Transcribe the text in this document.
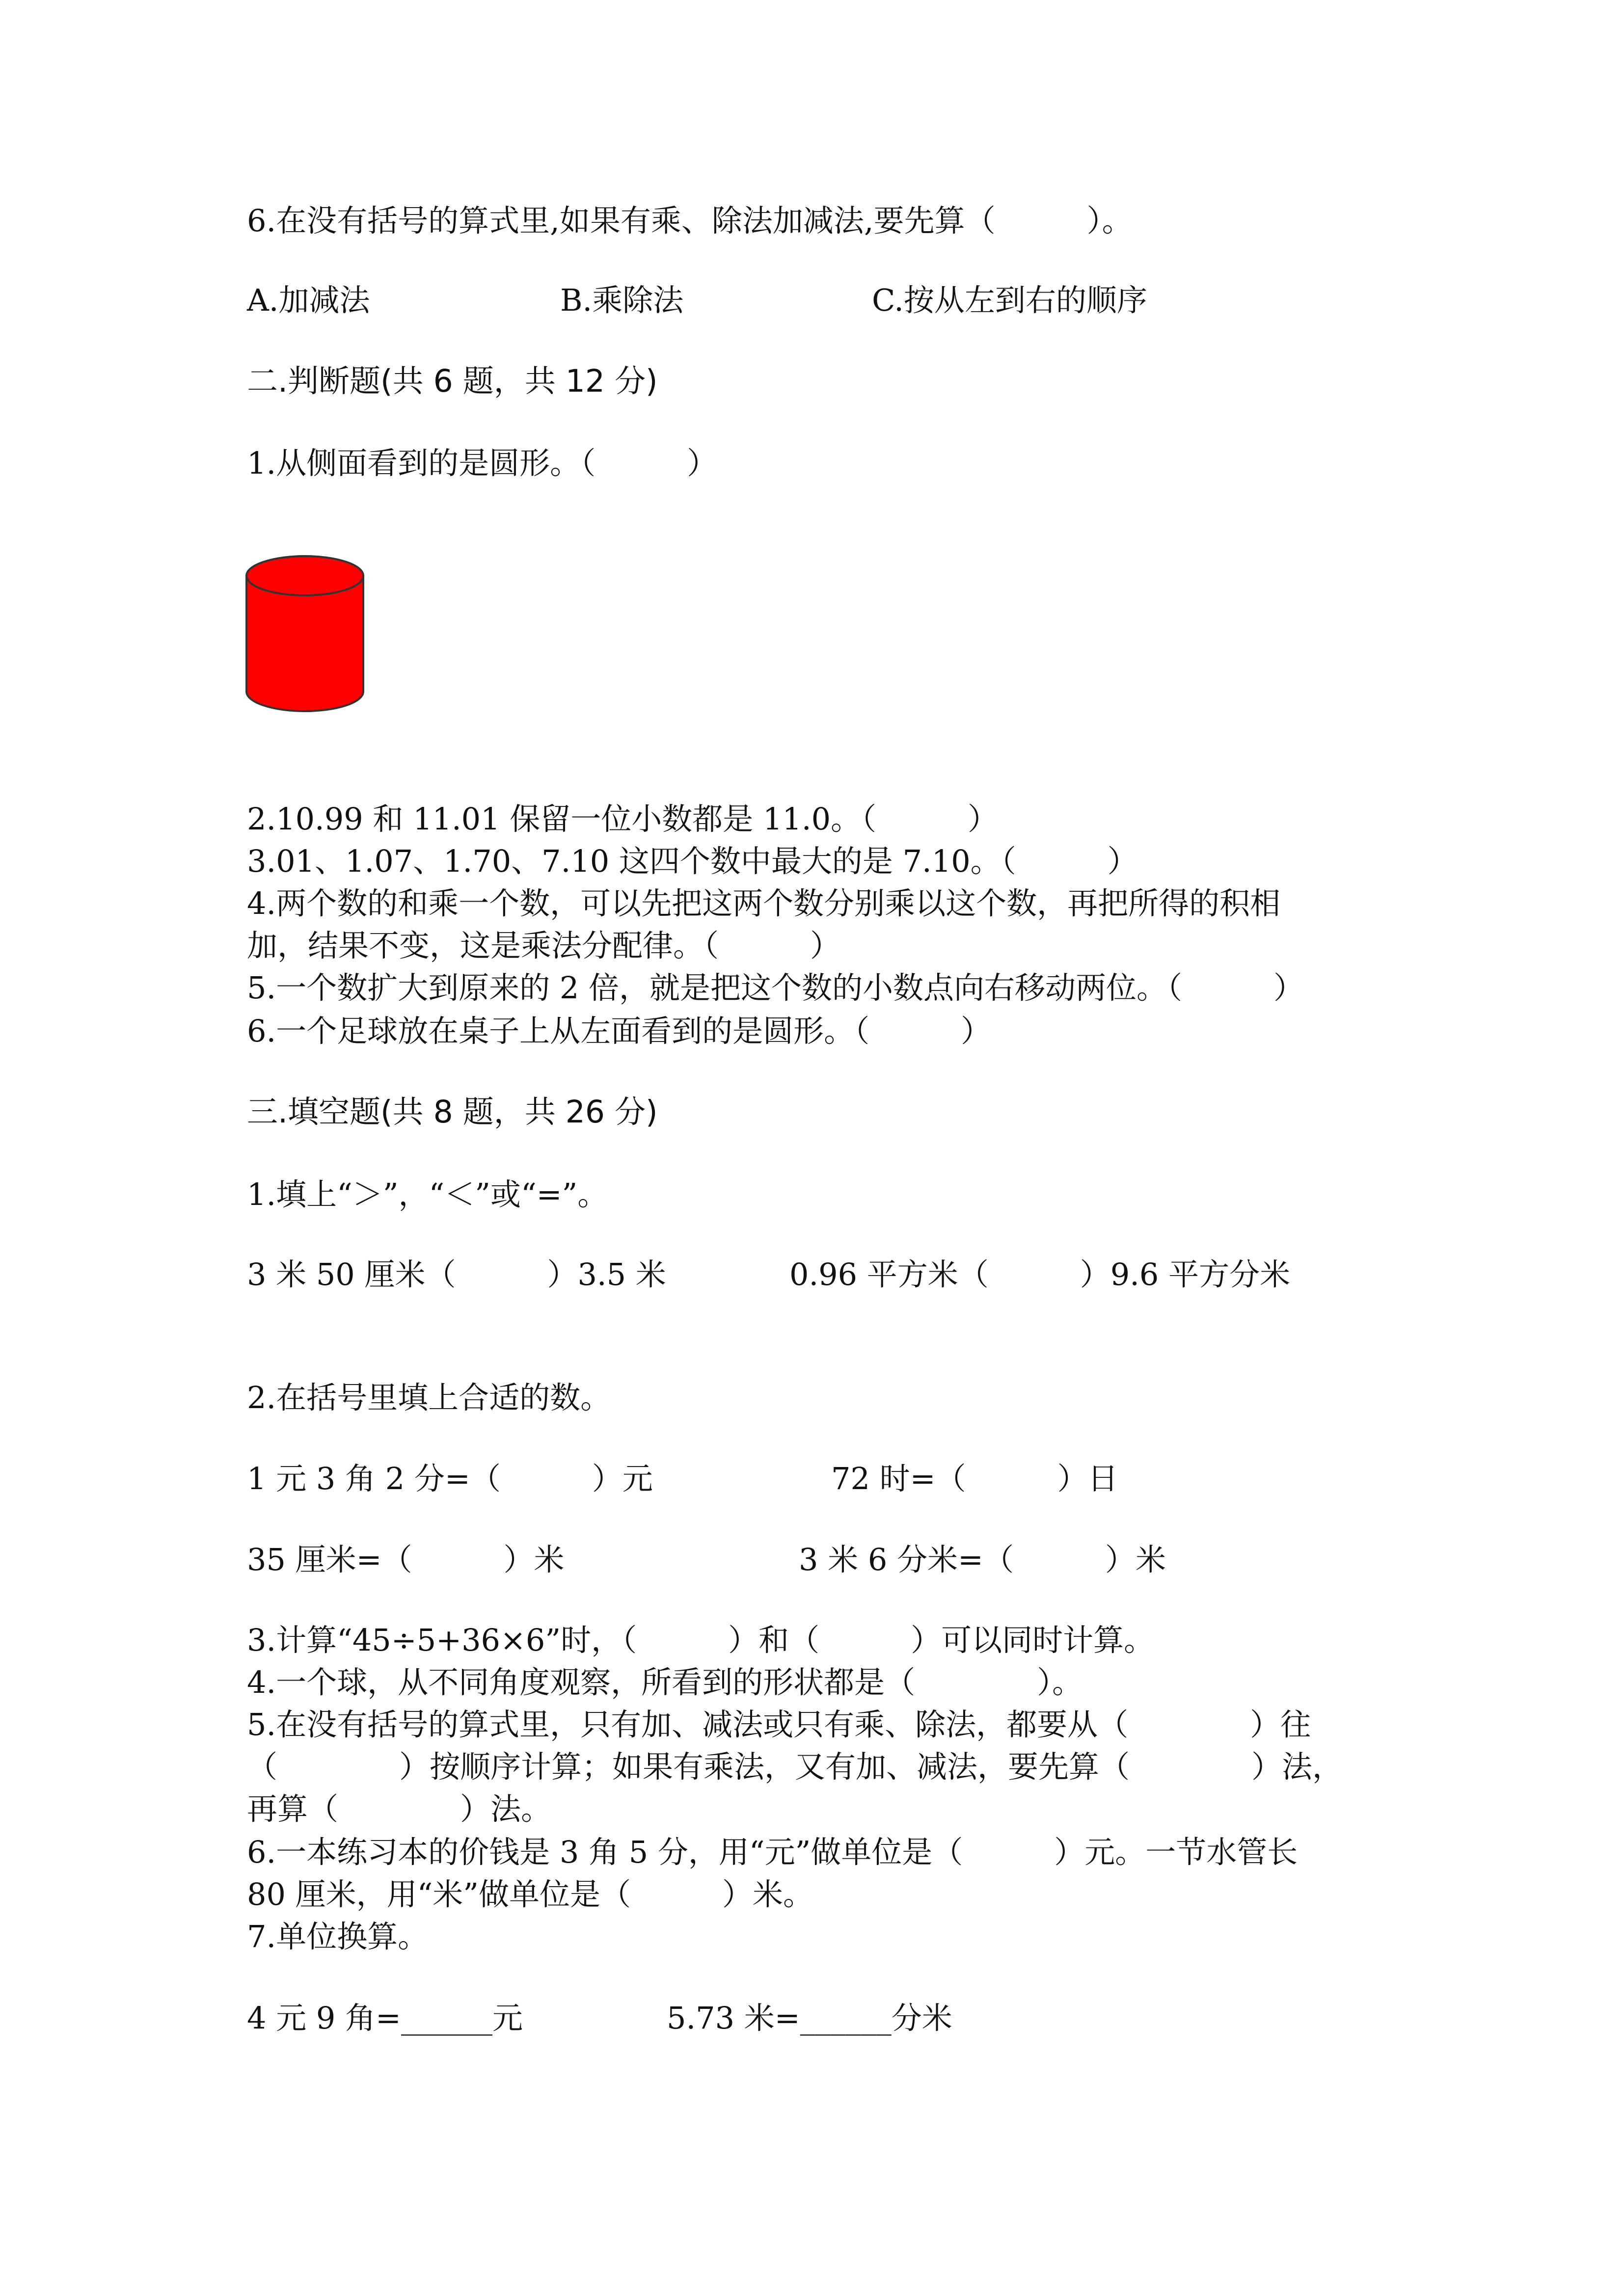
6.在没有括号的算式里,如果有乘、除法加减法,要先算（　　　）。
A.加减法	B.乘除法	C.按从左到右的顺序
二.判断题(共 6 题，共 12 分)
1.从侧面看到的是圆形。（　　　）
2.10.99 和 11.01 保留一位小数都是 11.0。（　　　）
3.01、1.07、1.70、7.10 这四个数中最大的是 7.10。（　　　）
4.两个数的和乘一个数，可以先把这两个数分别乘以这个数，再把所得的积相
加，结果不变，这是乘法分配律。（　　　）
5.一个数扩大到原来的 2 倍，就是把这个数的小数点向右移动两位。（　　　）
6.一个足球放在桌子上从左面看到的是圆形。（　　　）
三.填空题(共 8 题，共 26 分)
1.填上“＞”，“＜”或“=”。
3 米 50 厘米（　　　）3.5 米	0.96 平方米（　　　）9.6 平方分米
2.在括号里填上合适的数。
1 元 3 角 2 分=（　　　）元	72 时=（　　　）日
35 厘米=（　　　）米	3 米 6 分米=（　　　）米
3.计算“45÷5+36×6”时，（　　　）和（　　　）可以同时计算。
4.一个球，从不同角度观察，所看到的形状都是（　　　　）。
5.在没有括号的算式里，只有加、减法或只有乘、除法，都要从（　　　　）往
（　　　　）按顺序计算；如果有乘法，又有加、减法，要先算（　　　　）法，
再算（　　　　）法。
6.一本练习本的价钱是 3 角 5 分，用“元”做单位是（　　　）元。一节水管长
80 厘米，用“米”做单位是（　　　）米。
7.单位换算。
4 元 9 角=______元	5.73 米=______分米
